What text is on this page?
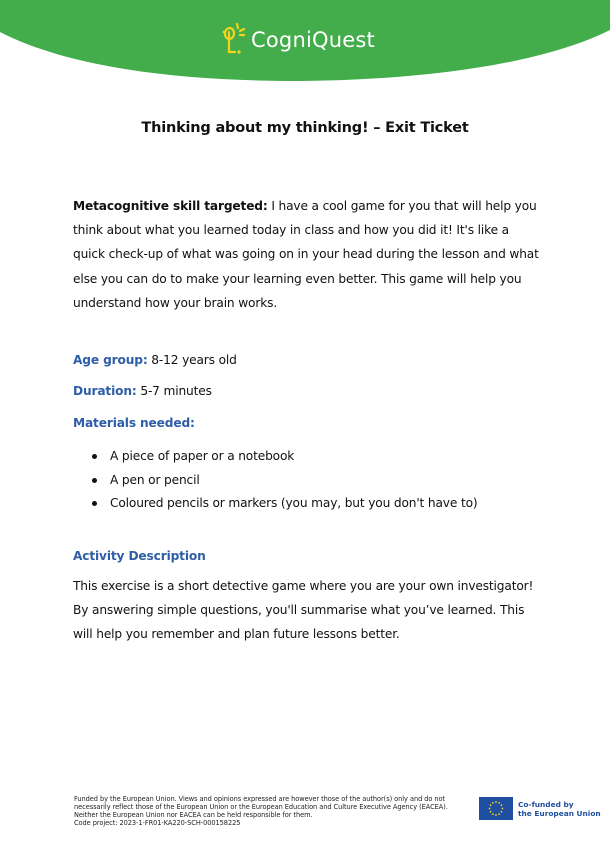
CogniQuest
Thinking about my thinking! – Exit Ticket
Metacognitive skill targeted: I have a cool game for you that will help you think about what you learned today in class and how you did it! It's like a quick check-up of what was going on in your head during the lesson and what else you can do to make your learning even better. This game will help you understand how your brain works.
Age group: 8-12 years old
Duration: 5-7 minutes
Materials needed:
A piece of paper or a notebook
A pen or pencil
Coloured pencils or markers (you may, but you don't have to)
Activity Description
This exercise is a short detective game where you are your own investigator! By answering simple questions, you'll summarise what you’ve learned. This will help you remember and plan future lessons better.
Funded by the European Union. Views and opinions expressed are however those of the author(s) only and do not
necessarily reflect those of the European Union or the European Education and Culture Executive Agency (EACEA).
Neither the European Union nor EACEA can be held responsible for them.
Code project: 2023-1-FR01-KA220-SCH-000158225
Co-funded by
the European Union
